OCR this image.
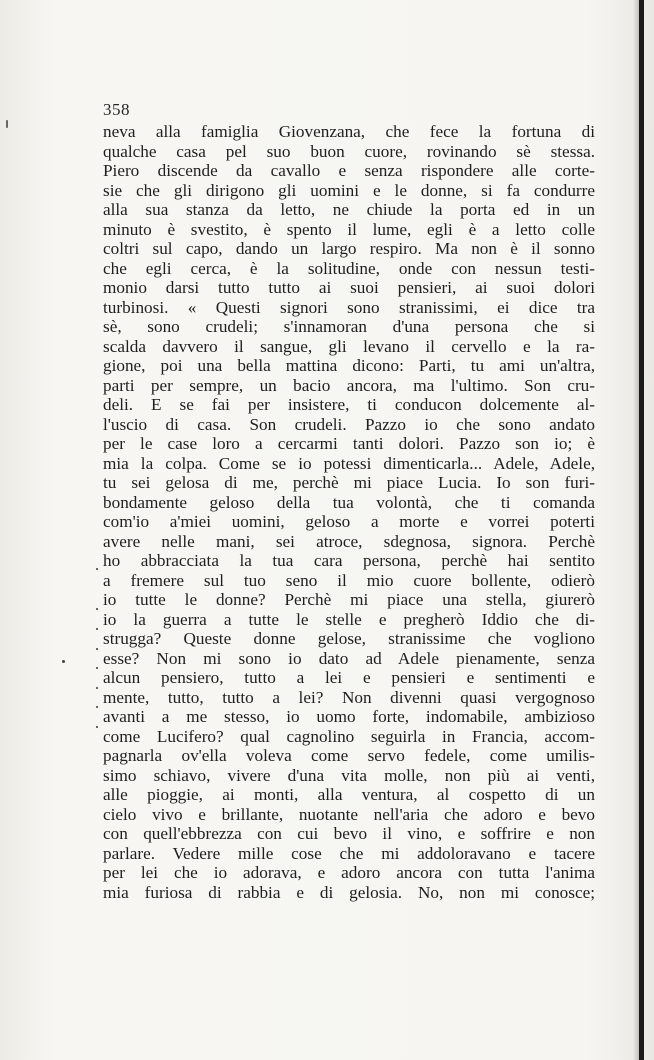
358
neva alla famiglia Giovenzana, che fece la fortuna di
qualche casa pel suo buon cuore, rovinando sè stessa.
Piero discende da cavallo e senza rispondere alle corte-
sie che gli dirigono gli uomini e le donne, si fa condurre
alla sua stanza da letto, ne chiude la porta ed in un
minuto è svestito, è spento il lume, egli è a letto colle
coltri sul capo, dando un largo respiro. Ma non è il sonno
che egli cerca, è la solitudine, onde con nessun testi-
monio darsi tutto tutto ai suoi pensieri, ai suoi dolori
turbinosi. « Questi signori sono stranissimi, ei dice tra
sè, sono crudeli; s'innamoran d'una persona che si
scalda davvero il sangue, gli levano il cervello e la ra-
gione, poi una bella mattina dicono: Parti, tu ami un'altra,
parti per sempre, un bacio ancora, ma l'ultimo. Son cru-
deli. E se fai per insistere, ti conducon dolcemente al-
l'uscio di casa. Son crudeli. Pazzo io che sono andato
per le case loro a cercarmi tanti dolori. Pazzo son io; è
mia la colpa. Come se io potessi dimenticarla... Adele, Adele,
tu sei gelosa di me, perchè mi piace Lucia. Io son furi-
bondamente geloso della tua volontà, che ti comanda
com'io a'miei uomini, geloso a morte e vorrei poterti
avere nelle mani, sei atroce, sdegnosa, signora. Perchè
ho abbracciata la tua cara persona, perchè hai sentito
a fremere sul tuo seno il mio cuore bollente, odierò
io tutte le donne? Perchè mi piace una stella, giurerò
io la guerra a tutte le stelle e pregherò Iddio che di-
strugga? Queste donne gelose, stranissime che vogliono
esse? Non mi sono io dato ad Adele pienamente, senza
alcun pensiero, tutto a lei e pensieri e sentimenti e
mente, tutto, tutto a lei? Non divenni quasi vergognoso
avanti a me stesso, io uomo forte, indomabile, ambizioso
come Lucifero? qual cagnolino seguirla in Francia, accom-
pagnarla ov'ella voleva come servo fedele, come umilis-
simo schiavo, vivere d'una vita molle, non più ai venti,
alle pioggie, ai monti, alla ventura, al cospetto di un
cielo vivo e brillante, nuotante nell'aria che adoro e bevo
con quell'ebbrezza con cui bevo il vino, e soffrire e non
parlare. Vedere mille cose che mi addoloravano e tacere
per lei che io adorava, e adoro ancora con tutta l'anima
mia furiosa di rabbia e di gelosia. No, non mi conosce;
